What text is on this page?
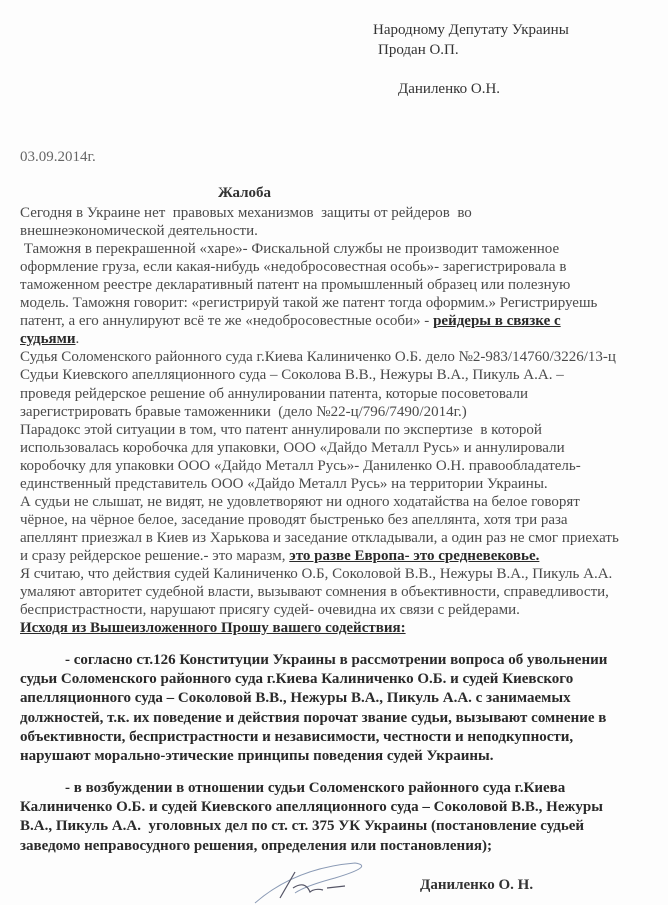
Народному Депутату Украины
Продан О.П.
Даниленко О.Н.
03.09.2014г.
Жалоба
Сегодня в Украине нет  правовых механизмов  защиты от рейдеров  во
внешнеэкономической деятельности.
Таможня в перекрашенной «харе»- Фискальной службы не производит таможенное
оформление груза, если какая-нибудь «недобросовестная особь»- зарегистрировала в
таможенном реестре декларативный патент на промышленный образец или полезную
модель. Таможня говорит: «регистрируй такой же патент тогда оформим.» Регистрируешь
патент, а его аннулируют всё те же «недобросовестные особи» - рейдеры в связке с
судьями.
Судья Соломенского районного суда г.Киева Калиниченко О.Б. дело №2-983/14760/3226/13-ц
Судьи Киевского апелляционного суда – Соколова В.В., Нежуры В.А., Пикуль А.А. –
проведя рейдерское решение об аннулировании патента, которые посоветовали
зарегистрировать бравые таможенники  (дело №22-ц/796/7490/2014г.)
Парадокс этой ситуации в том, что патент аннулировали по экспертизе  в которой
использовалась коробочка для упаковки, ООО «Дайдо Металл Русь» и аннулировали
коробочку для упаковки ООО «Дайдо Металл Русь»- Даниленко О.Н. правообладатель-
единственный представитель ООО «Дайдо Металл Русь» на территории Украины.
А судьи не слышат, не видят, не удовлетворяют ни одного ходатайства на белое говорят
чёрное, на чёрное белое, заседание проводят быстренько без апеллянта, хотя три раза
апеллянт приезжал в Киев из Харькова и заседание откладывали, а один раз не смог приехать
и сразу рейдерское решение.- это маразм, это разве Европа- это средневековье.
Я считаю, что действия судей Калиниченко О.Б, Соколовой В.В., Нежуры В.А., Пикуль А.А.
умаляют авторитет судебной власти, вызывают сомнения в объективности, справедливости,
беспристрастности, нарушают присягу судей- очевидна их связи с рейдерами.
Исходя из Вышеизложенного Прошу вашего содействия:
- согласно ст.126 Конституции Украины в рассмотрении вопроса об увольнении
судьи Соломенского районного суда г.Киева Калиниченко О.Б. и судей Киевского
апелляционного суда – Соколовой В.В., Нежуры В.А., Пикуль А.А. с занимаемых
должностей, т.к. их поведение и действия порочат звание судьи, вызывают сомнение в
объективности, беспристрастности и независимости, честности и неподкупности,
нарушают морально-этические принципы поведения судей Украины.
- в возбуждении в отношении судьи Соломенского районного суда г.Киева
Калиниченко О.Б. и судей Киевского апелляционного суда – Соколовой В.В., Нежуры
В.А., Пикуль А.А.  уголовных дел по ст. ст. 375 УК Украины (постановление судьей
заведомо неправосудного решения, определения или постановления);
Даниленко О. Н.
